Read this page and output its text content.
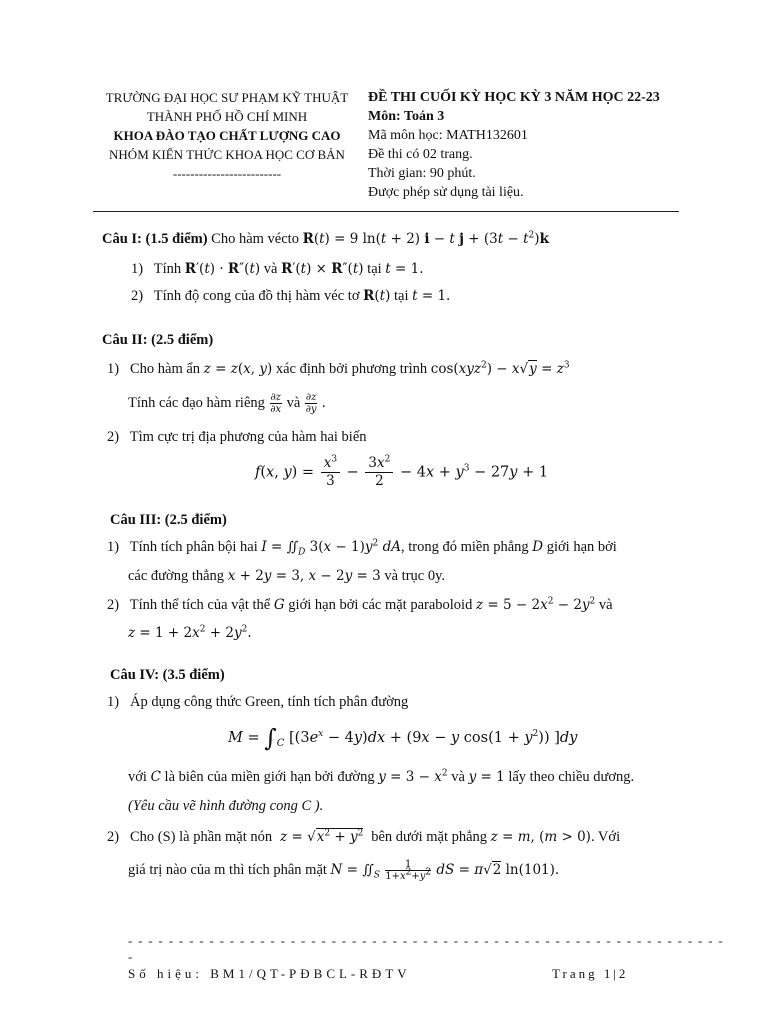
TRƯỜNG ĐẠI HỌC SƯ PHẠM KỸ THUẬT
THÀNH PHỐ HỒ CHÍ MINH
KHOA ĐÀO TẠO CHẤT LƯỢNG CAO
NHÓM KIẾN THỨC KHOA HỌC CƠ BẢN
-------------------------
ĐỀ THI CUỐI KỲ HỌC KỲ 3 NĂM HỌC 22-23
Môn: Toán 3
Mã môn học: MATH132601
Đề thi có 02 trang.
Thời gian: 90 phút.
Được phép sử dụng tài liệu.
Câu I: (1.5 điểm) Cho hàm vécto R(t) = 9 ln(t + 2) i − t $j + (3t - t^2)k$
1) Tính R′(t) · R″(t) và R′(t) × R″(t) tại t = 1.
2) Tính độ cong của đồ thị hàm véc tơ R(t) tại t = 1.
Câu II: (2.5 điểm)
1) Cho hàm ẩn z = z(x, y) xác định bởi phương trình $\cos(xyz^2) - x√y = z^3$
Tính các đạo hàm riêng $\frac{\partial z}{\partial x}$ và $\frac{\partial z}{\partial y}$ .
2) Tìm cực trị địa phương của hàm hai biến
f(x, $y) = \frac{x^3}{3} - \frac{3x^2}{2} - 4x + y^3 - 27y + 1$
Câu III: (2.5 điểm)
1) Tính tích phân bội hai $I = ∬_D$ $3(x - 1)y^2$ dA, trong đó miền phẳng D giới hạn bởi
các đường thẳng x + 2y = 3, x − 2y = 3 và trục 0y.
2) Tính thể tích của vật thể G giới hạn bởi các mặt paraboloid $z = 5 - 2x^2 - 2y^2$ và
$z = 1 + 2x^2 + 2y^2$.
Câu IV: (3.5 điểm)
1) Áp dụng công thức Green, tính tích phân đường
$M = \int_C$ [$(3e^x - 4y)dx + (9x - y$ $\cos(1 + y^2)$) ]dy
với C là biên của miền giới hạn bởi đường $y = 3 - x^2$ và y = 1 lấy theo chiều dương.
(Yêu cầu vẽ hình đường cong C ).
2) Cho (S) là phần mặt nón $z = √x^2 + y^2$ bên dưới mặt phẳng z = m, (m > 0). Với
giá trị nào của m thì tích phân mặt $N = ∬_S \frac{1}{1+x^2+y^2}$ dS = π√2 ln(101).
- - - - - - - - - - - - - - - - - - - - - - - - - - - - - - - - - - - - - - - - - - - - - - - - - - - - - - - - - - -
-
Số hiệu: BM1/QT-PĐBCL-RĐTV	Trang 1|2
